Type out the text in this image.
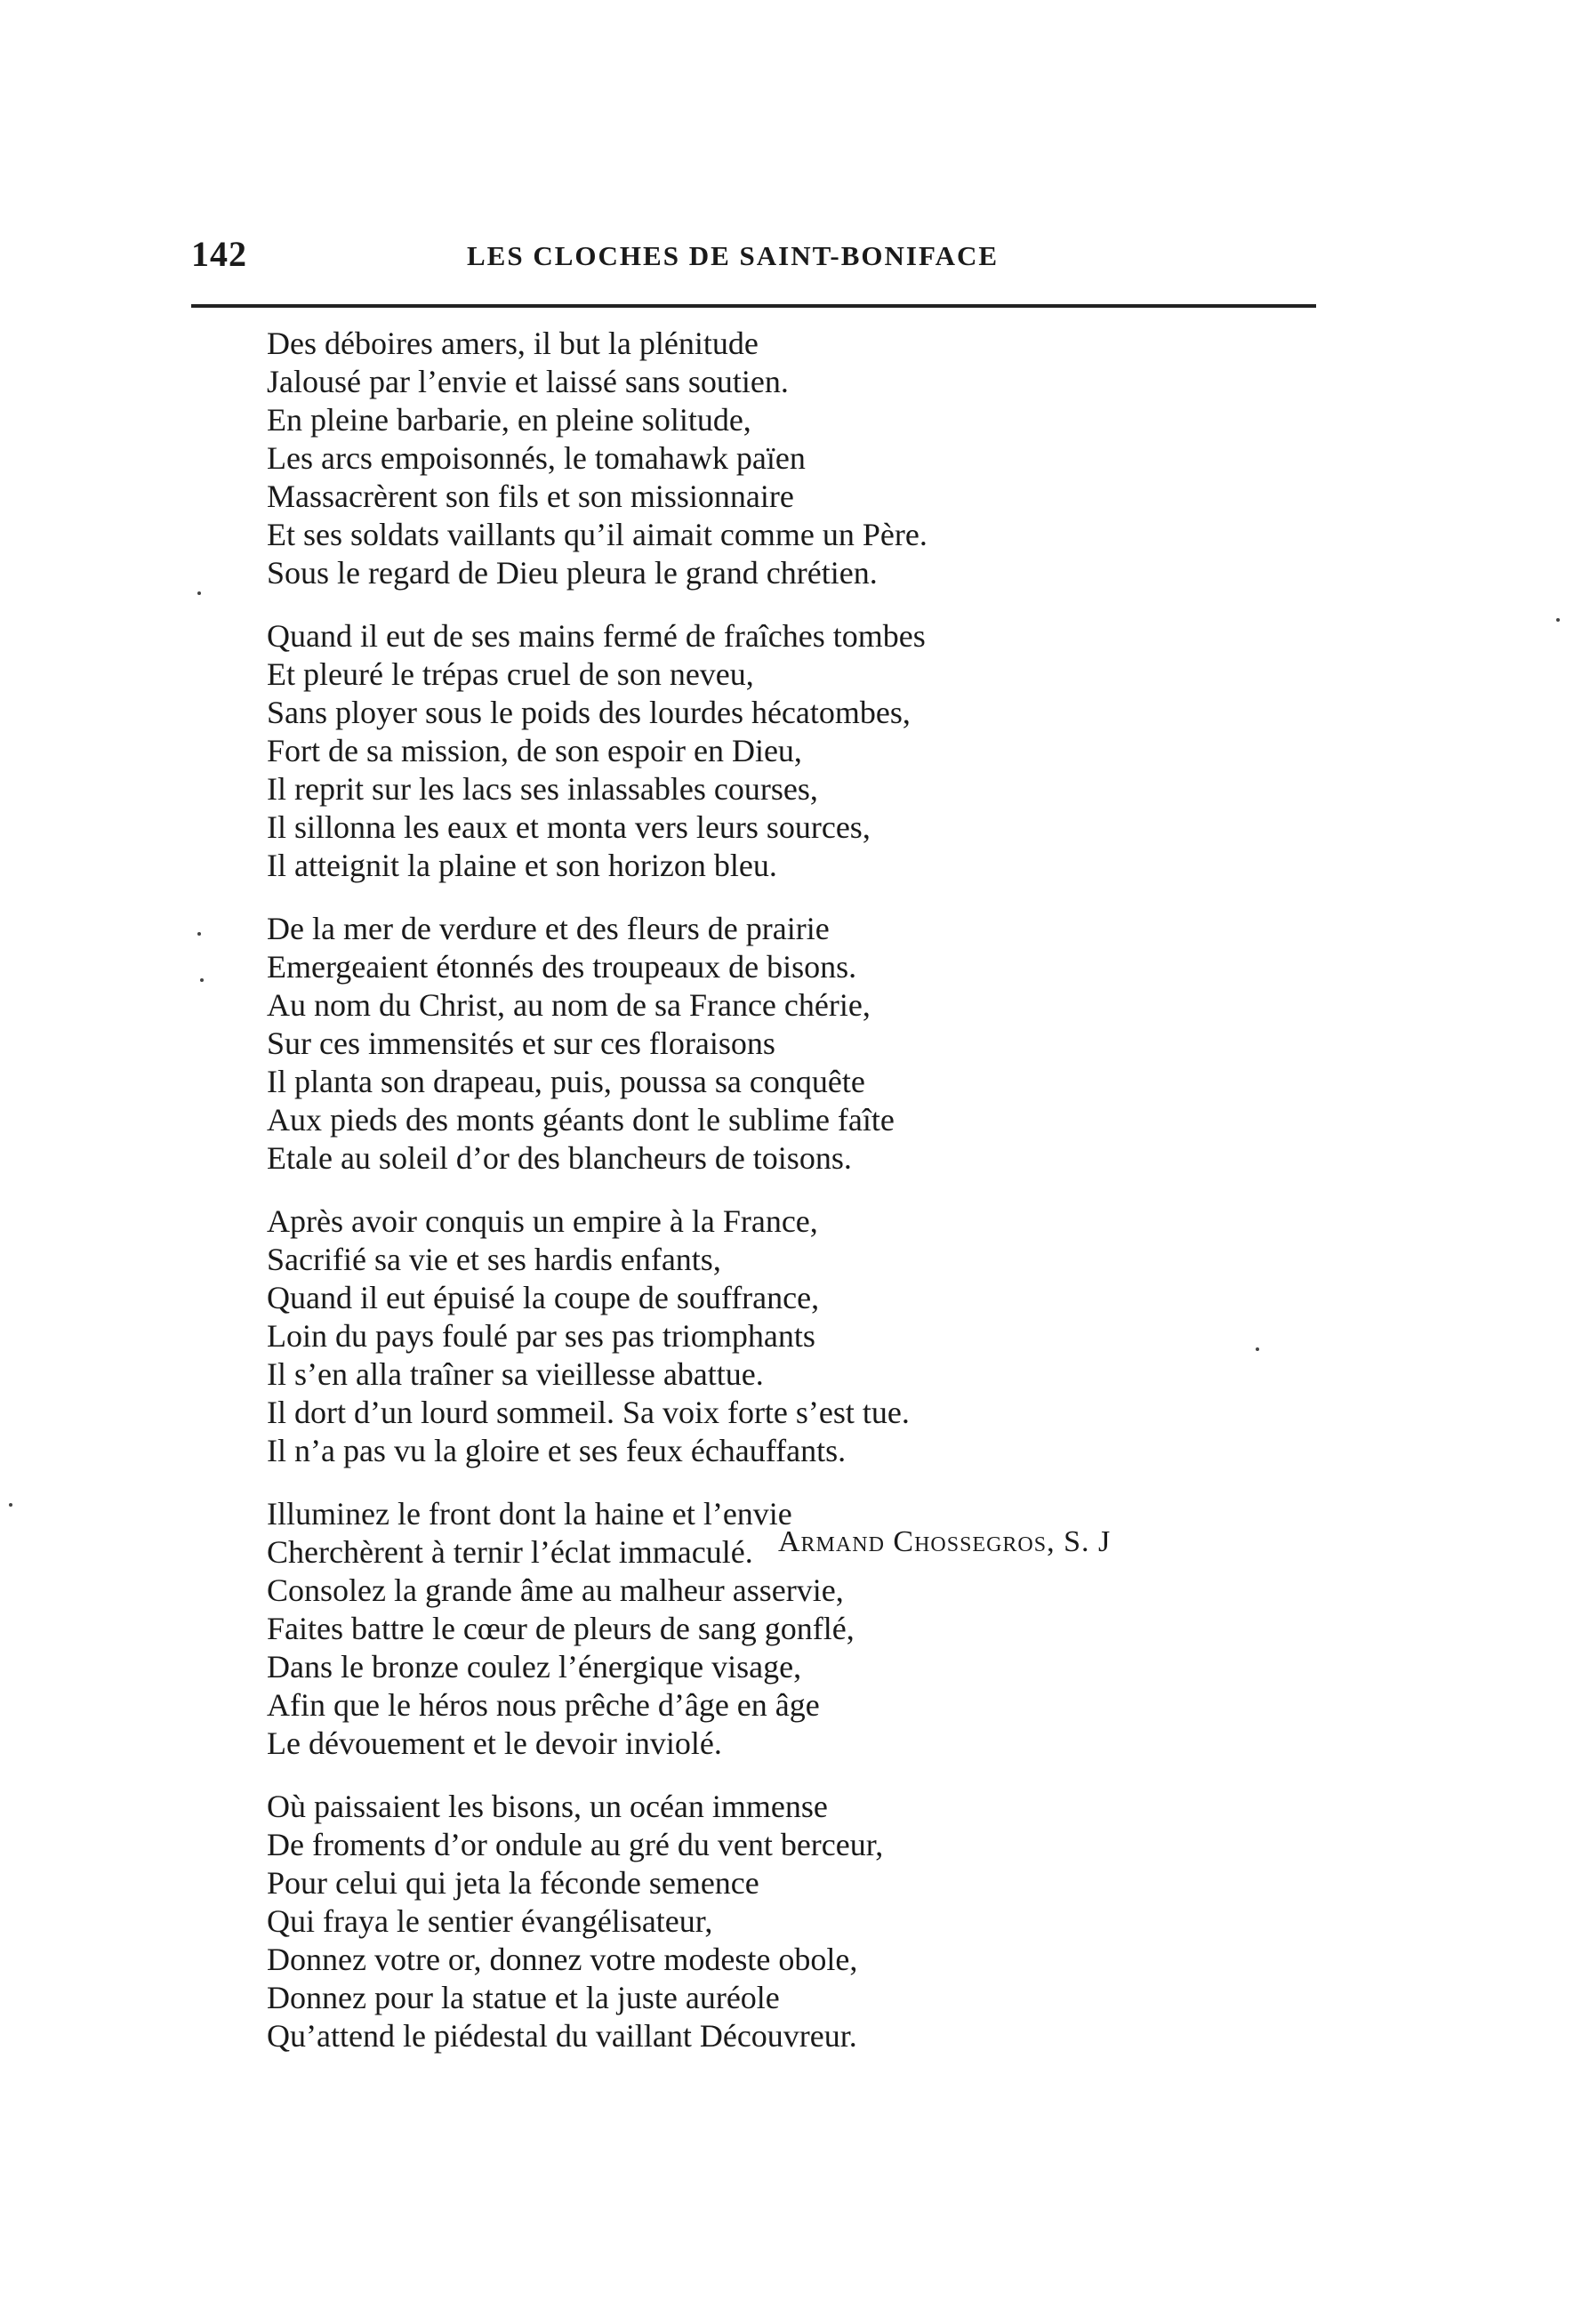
142	LES CLOCHES DE SAINT-BONIFACE
Des déboires amers, il but la plénitude
Jalousé par l’envie et laissé sans soutien.
En pleine barbarie, en pleine solitude,
Les arcs empoisonnés, le tomahawk païen
Massacrèrent son fils et son missionnaire
Et ses soldats vaillants qu’il aimait comme un Père.
Sous le regard de Dieu pleura le grand chrétien.
Quand il eut de ses mains fermé de fraîches tombes
Et pleuré le trépas cruel de son neveu,
Sans ployer sous le poids des lourdes hécatombes,
Fort de sa mission, de son espoir en Dieu,
Il reprit sur les lacs ses inlassables courses,
Il sillonna les eaux et monta vers leurs sources,
Il atteignit la plaine et son horizon bleu.
De la mer de verdure et des fleurs de prairie
Emergeaient étonnés des troupeaux de bisons.
Au nom du Christ, au nom de sa France chérie,
Sur ces immensités et sur ces floraisons
Il planta son drapeau, puis, poussa sa conquête
Aux pieds des monts géants dont le sublime faîte
Etale au soleil d’or des blancheurs de toisons.
Après avoir conquis un empire à la France,
Sacrifié sa vie et ses hardis enfants,
Quand il eut épuisé la coupe de souffrance,
Loin du pays foulé par ses pas triomphants
Il s’en alla traîner sa vieillesse abattue.
Il dort d’un lourd sommeil. Sa voix forte s’est tue.
Il n’a pas vu la gloire et ses feux échauffants.
Illuminez le front dont la haine et l’envie
Cherchèrent à ternir l’éclat immaculé.
Consolez la grande âme au malheur asservie,
Faites battre le cœur de pleurs de sang gonflé,
Dans le bronze coulez l’énergique visage,
Afin que le héros nous prêche d’âge en âge
Le dévouement et le devoir inviolé.
Où paissaient les bisons, un océan immense
De froments d’or ondule au gré du vent berceur,
Pour celui qui jeta la féconde semence
Qui fraya le sentier évangélisateur,
Donnez votre or, donnez votre modeste obole,
Donnez pour la statue et la juste auréole
Qu’attend le piédestal du vaillant Découvreur.
Armand Chossegros, S. J
